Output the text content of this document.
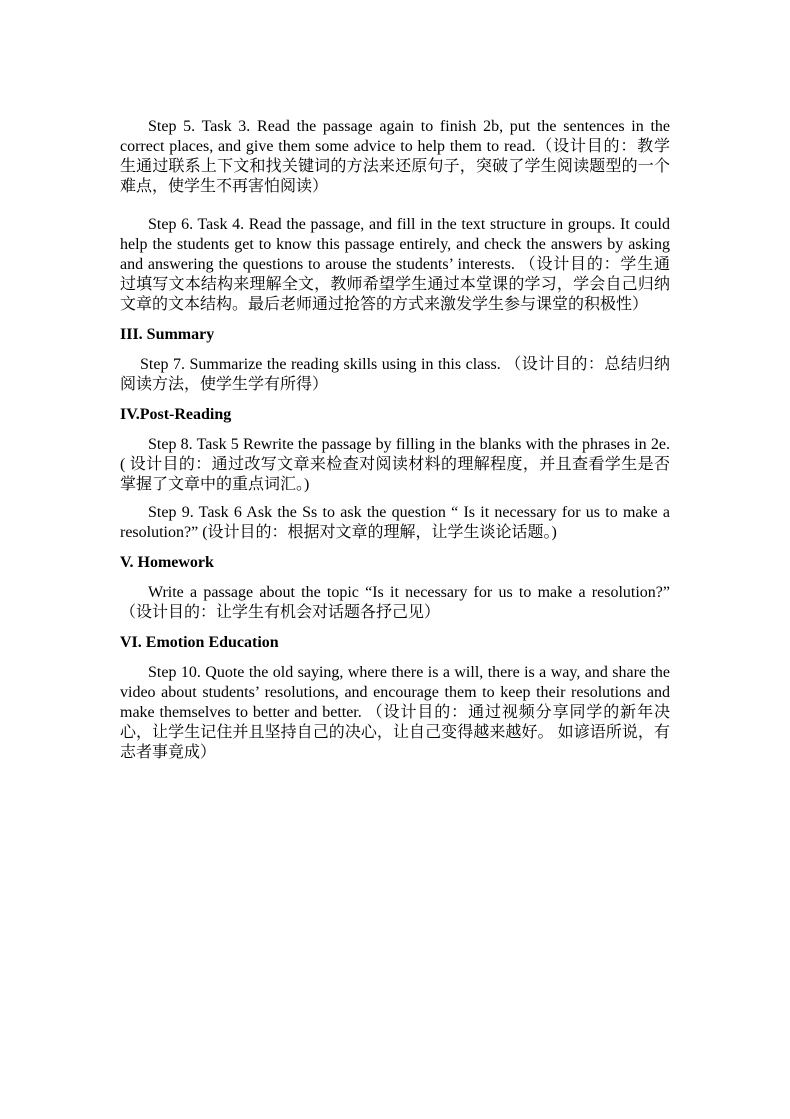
Step 5. Task 3. Read the passage again to finish 2b, put the sentences in the correct places, and give them some advice to help them to read.（设计目的：教学生通过联系上下文和找关键词的方法来还原句子，突破了学生阅读题型的一个难点，使学生不再害怕阅读）

Step 6. Task 4. Read the passage, and fill in the text structure in groups. It could help the students get to know this passage entirely, and check the answers by asking and answering the questions to arouse the students’ interests. （设计目的：学生通过填写文本结构来理解全文，教师希望学生通过本堂课的学习，学会自己归纳文章的文本结构。最后老师通过抢答的方式来激发学生参与课堂的积极性）

III. Summary

Step 7. Summarize the reading skills using in this class. （设计目的：总结归纳阅读方法，使学生学有所得）

IV.Post-Reading

Step 8. Task 5 Rewrite the passage by filling in the blanks with the phrases in 2e.( 设计目的：通过改写文章来检查对阅读材料的理解程度，并且查看学生是否掌握了文章中的重点词汇。)

Step 9. Task 6 Ask the Ss to ask the question “ Is it necessary for us to make a resolution?” (设计目的：根据对文章的理解，让学生谈论话题。)

V. Homework

Write a passage about the topic “Is it necessary for us to make a resolution?” （设计目的：让学生有机会对话题各抒己见）

VI. Emotion Education

Step 10. Quote the old saying, where there is a will, there is a way, and share the video about students’ resolutions, and encourage them to keep their resolutions and make themselves to better and better. （设计目的：通过视频分享同学的新年决心，让学生记住并且坚持自己的决心，让自己变得越来越好。 如谚语所说，有志者事竟成）
